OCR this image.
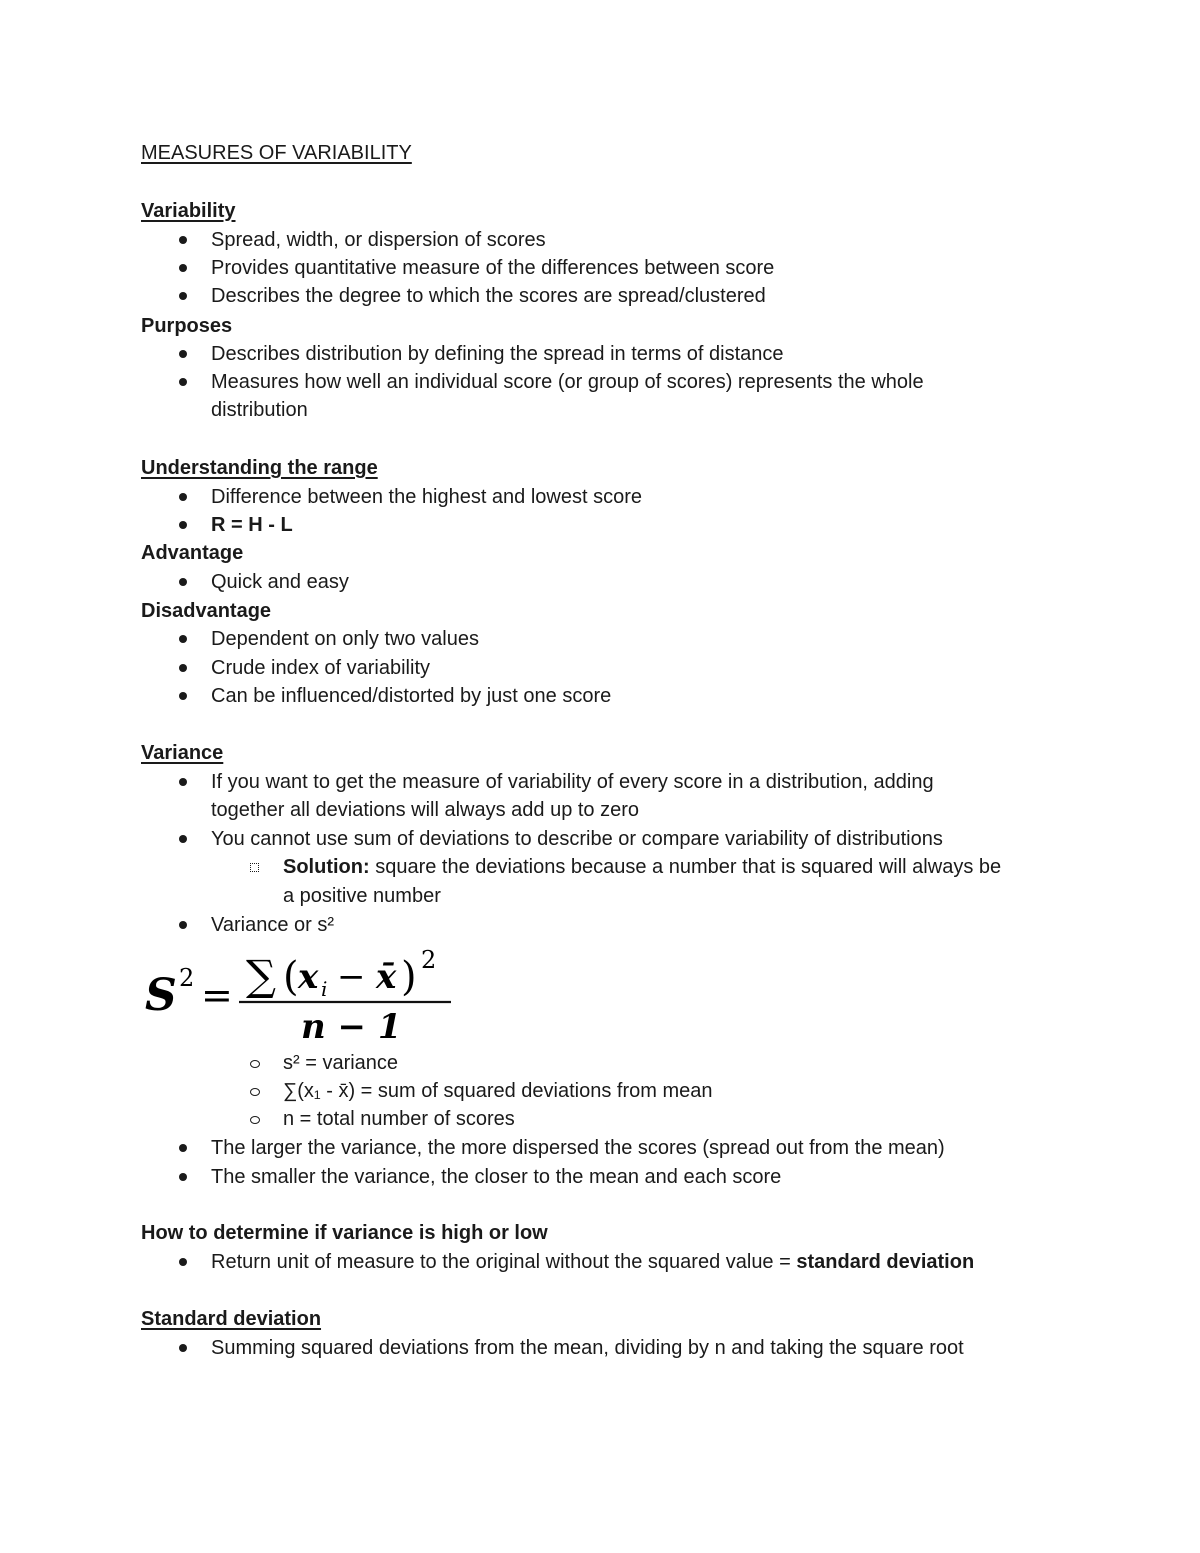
MEASURES OF VARIABILITY
Variability
Spread, width, or dispersion of scores
Provides quantitative measure of the differences between score
Describes the degree to which the scores are spread/clustered
Purposes
Describes distribution by defining the spread in terms of distance
Measures how well an individual score (or group of scores) represents the whole
distribution
Understanding the range
Difference between the highest and lowest score
R = H - L
Advantage
Quick and easy
Disadvantage
Dependent on only two values
Crude index of variability
Can be influenced/distorted by just one score
Variance
If you want to get the measure of variability of every score in a distribution, adding
together all deviations will always add up to zero
You cannot use sum of deviations to describe or compare variability of distributions
Solution: square the deviations because a number that is squared will always be
a positive number
Variance or s²
S 2 = ∑ ( x i − x̄ ) 2
n − 1
s² = variance
∑(x₁ - x̄) = sum of squared deviations from mean
n = total number of scores
The larger the variance, the more dispersed the scores (spread out from the mean)
The smaller the variance, the closer to the mean and each score
How to determine if variance is high or low
Return unit of measure to the original without the squared value = standard deviation
Standard deviation
Summing squared deviations from the mean, dividing by n and taking the square root
